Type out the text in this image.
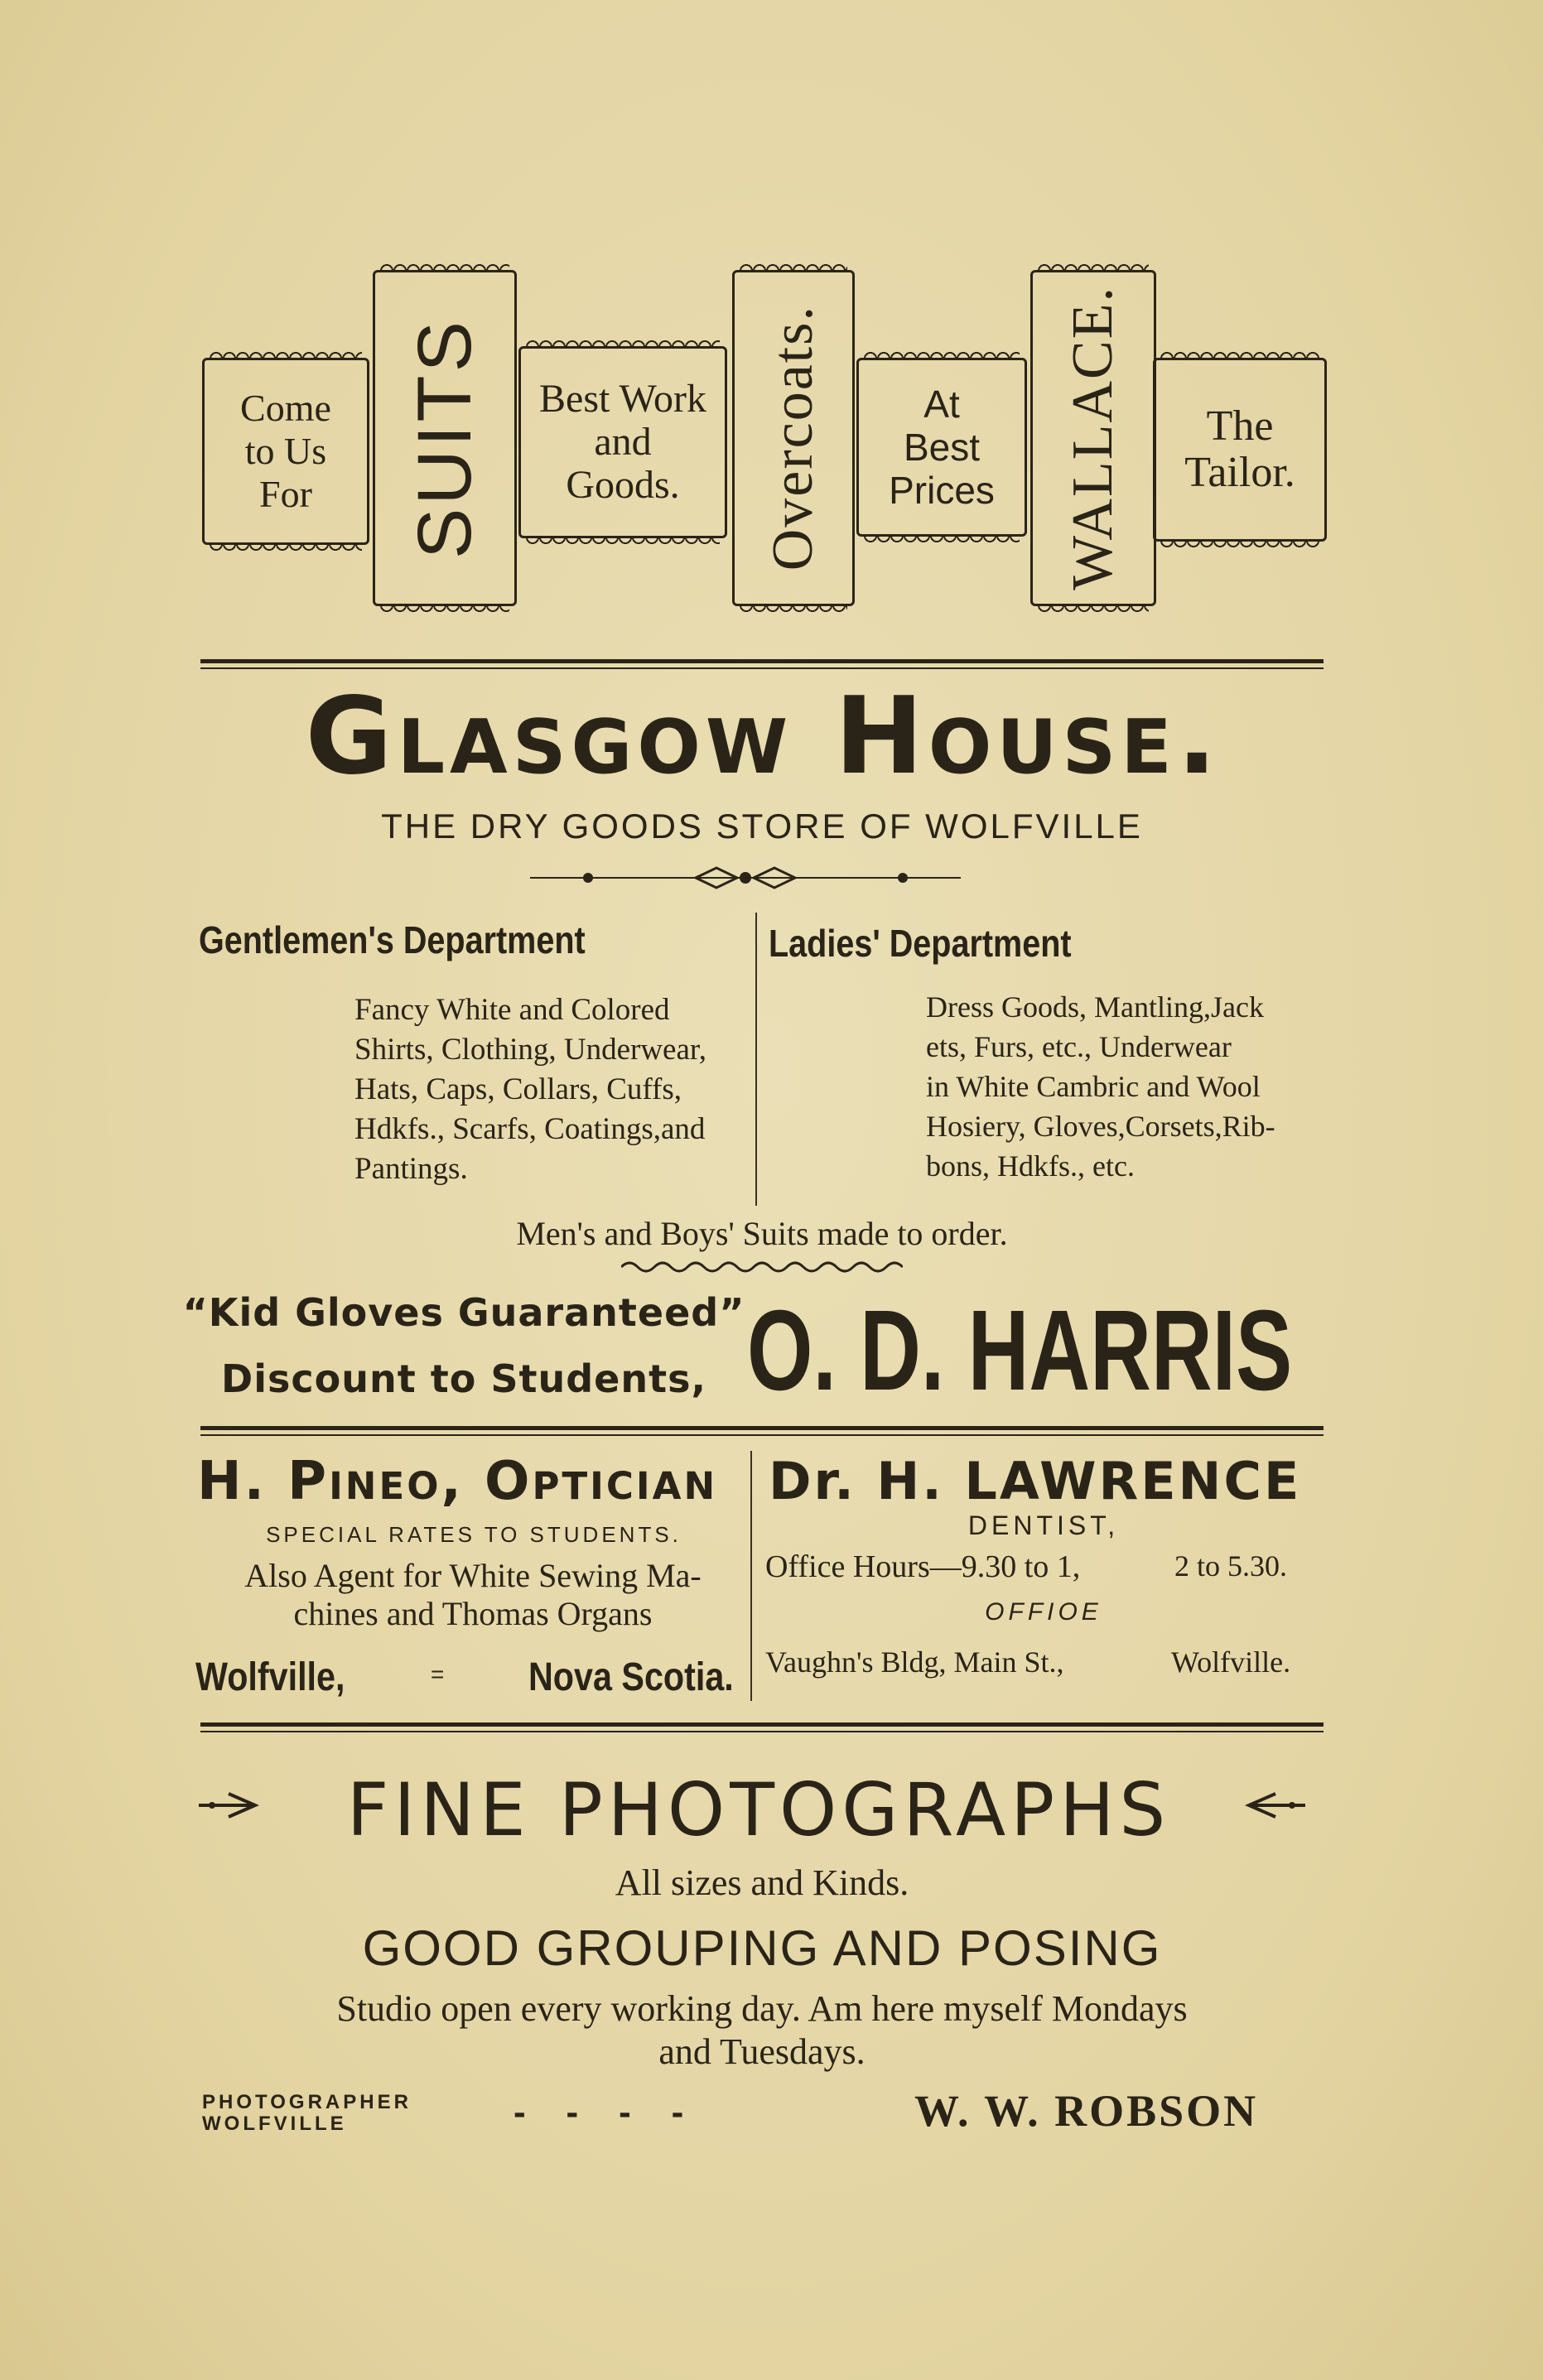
Come
to Us
For SUITS Best Work
and
Goods.	Overcoats.	At
Best
Prices WALLACE.	The
Tailor.
Glasgow House.
THE DRY GOODS STORE OF WOLFVILLE
Gentlemen's Department
Fancy White and Colored
Shirts, Clothing, Underwear,
Hats, Caps, Collars, Cuffs,
Hdkfs., Scarfs, Coatings,and
Pantings.
Ladies' Department
Dress Goods, Mantling,Jack
ets, Furs, etc., Underwear
in White Cambric and Wool
Hosiery, Gloves,Corsets,Rib-
bons, Hdkfs., etc.
Men's and Boys' Suits made to order.
“Kid Gloves Guaranteed”
Discount to Students, O. D. HARRIS
H. Pineo, Optician
SPECIAL RATES TO STUDENTS.
Also Agent for White Sewing Ma-
chines and Thomas Organs
Wolfville,	= Nova Scotia.
Dr. H. LAWRENCE
DENTIST,
Office Hours—9.30 to 1,	2 to 5.30.
OFFIOE
Vaughn's Bldg, Main St.,	Wolfville.
FINE PHOTOGRAPHS
All sizes and Kinds.
GOOD GROUPING AND POSING
Studio open every working day. Am here myself Mondays
and Tuesdays.
PHOTOGRAPHER
WOLFVILLE	-    -    -    -	W. W. ROBSON
